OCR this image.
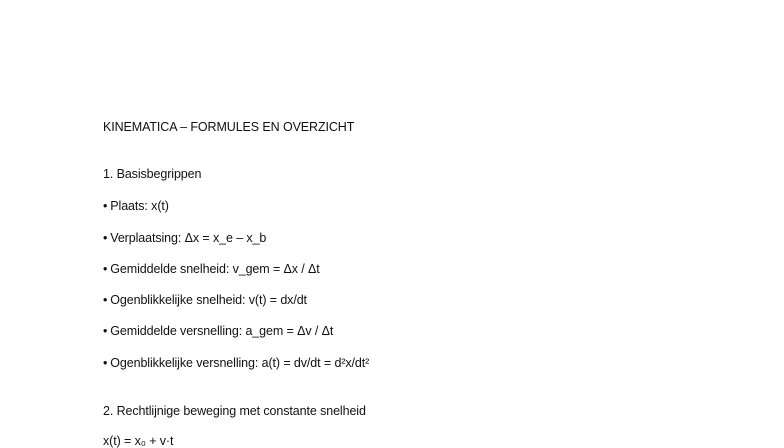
KINEMATICA – FORMULES EN OVERZICHT
1. Basisbegrippen
• Plaats: x(t)
• Verplaatsing: Δx = x_e – x_b
• Gemiddelde snelheid: v_gem = Δx / Δt
• Ogenblikkelijke snelheid: v(t) = dx/dt
• Gemiddelde versnelling: a_gem = Δv / Δt
• Ogenblikkelijke versnelling: a(t) = dv/dt = d²x/dt²
2. Rechtlijnige beweging met constante snelheid
x(t) = x₀ + v·t
